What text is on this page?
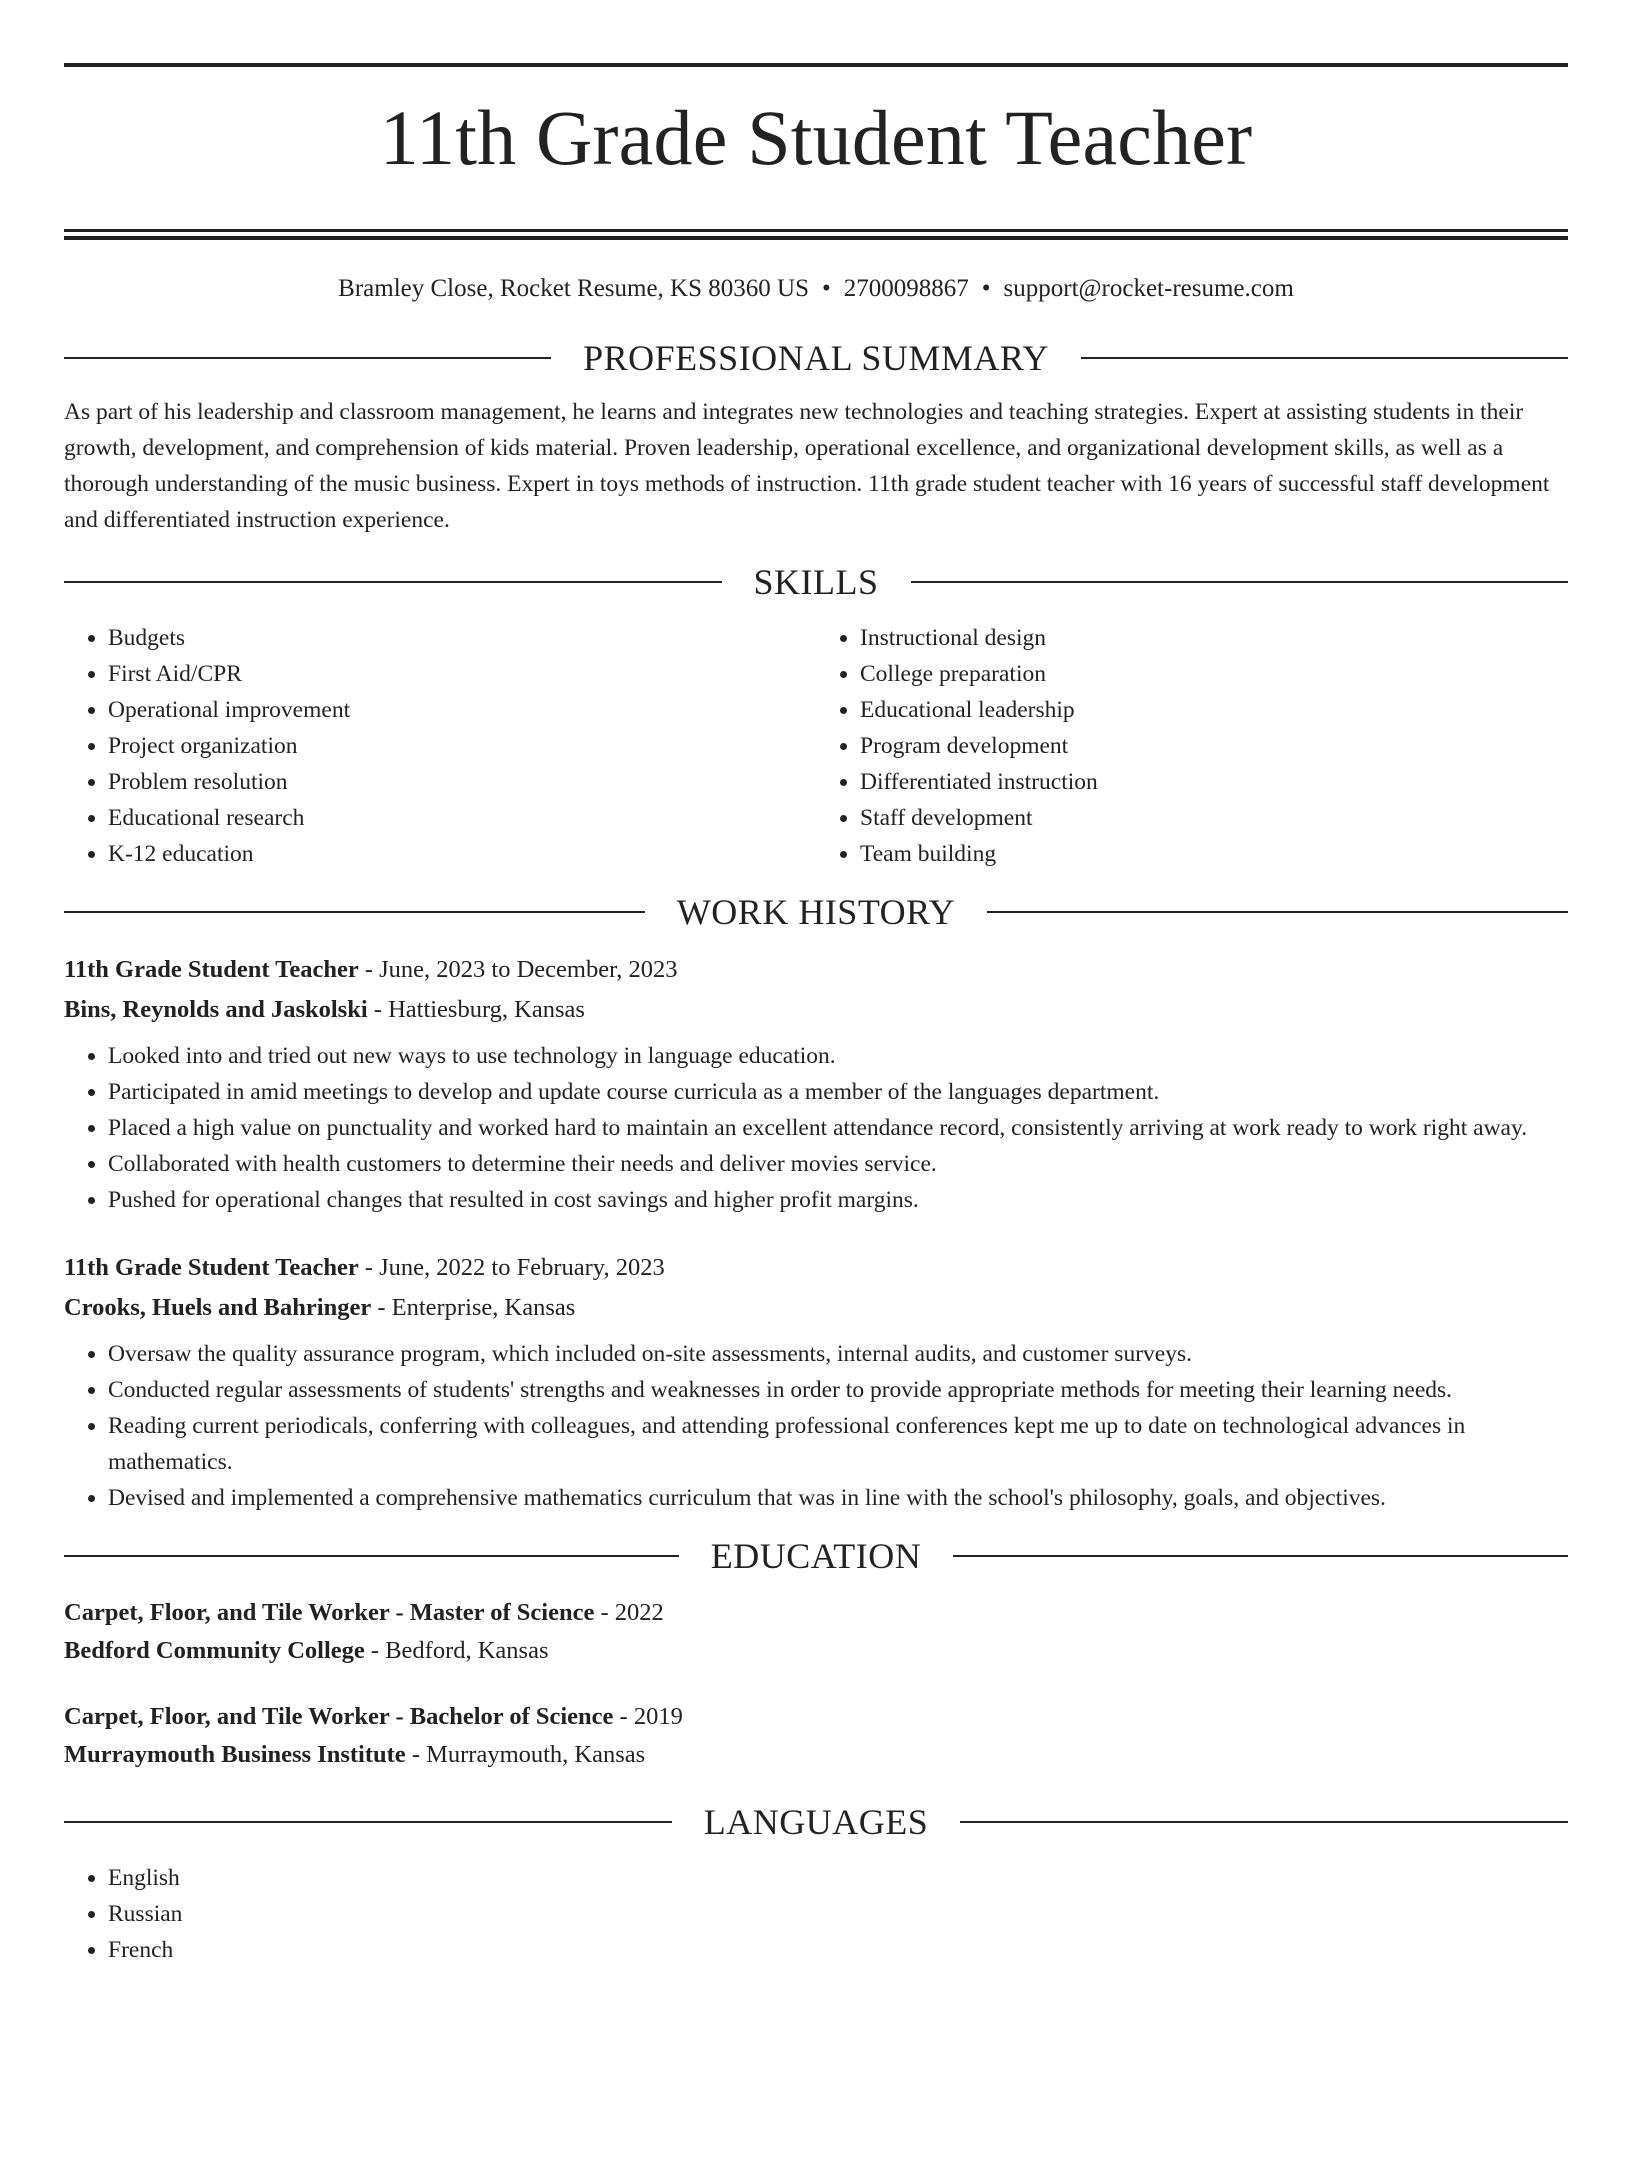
11th Grade Student Teacher
Bramley Close, Rocket Resume, KS 80360 US • 2700098867 • support@rocket-resume.com
PROFESSIONAL SUMMARY

As part of his leadership and classroom management, he learns and integrates new technologies and teaching strategies. Expert at assisting students in their growth, development, and comprehension of kids material. Proven leadership, operational excellence, and organizational development skills, as well as a thorough understanding of the music business. Expert in toys methods of instruction. 11th grade student teacher with 16 years of successful staff development and differentiated instruction experience.

SKILLS
• Budgets
• First Aid/CPR
• Operational improvement
• Project organization
• Problem resolution
• Educational research
• K-12 education
• Instructional design
• College preparation
• Educational leadership
• Program development
• Differentiated instruction
• Staff development
• Team building
WORK HISTORY
11th Grade Student Teacher - June, 2023 to December, 2023
Bins, Reynolds and Jaskolski - Hattiesburg, Kansas
• Looked into and tried out new ways to use technology in language education.
• Participated in amid meetings to develop and update course curricula as a member of the languages department.
• Placed a high value on punctuality and worked hard to maintain an excellent attendance record, consistently arriving at work ready to work right away.
• Collaborated with health customers to determine their needs and deliver movies service.
• Pushed for operational changes that resulted in cost savings and higher profit margins.
11th Grade Student Teacher - June, 2022 to February, 2023
Crooks, Huels and Bahringer - Enterprise, Kansas
• Oversaw the quality assurance program, which included on-site assessments, internal audits, and customer surveys.
• Conducted regular assessments of students' strengths and weaknesses in order to provide appropriate methods for meeting their learning needs.
• Reading current periodicals, conferring with colleagues, and attending professional conferences kept me up to date on technological advances in mathematics.
• Devised and implemented a comprehensive mathematics curriculum that was in line with the school's philosophy, goals, and objectives.
EDUCATION
Carpet, Floor, and Tile Worker - Master of Science - 2022
Bedford Community College - Bedford, Kansas
Carpet, Floor, and Tile Worker - Bachelor of Science - 2019
Murraymouth Business Institute - Murraymouth, Kansas
LANGUAGES
• English
• Russian
• French
